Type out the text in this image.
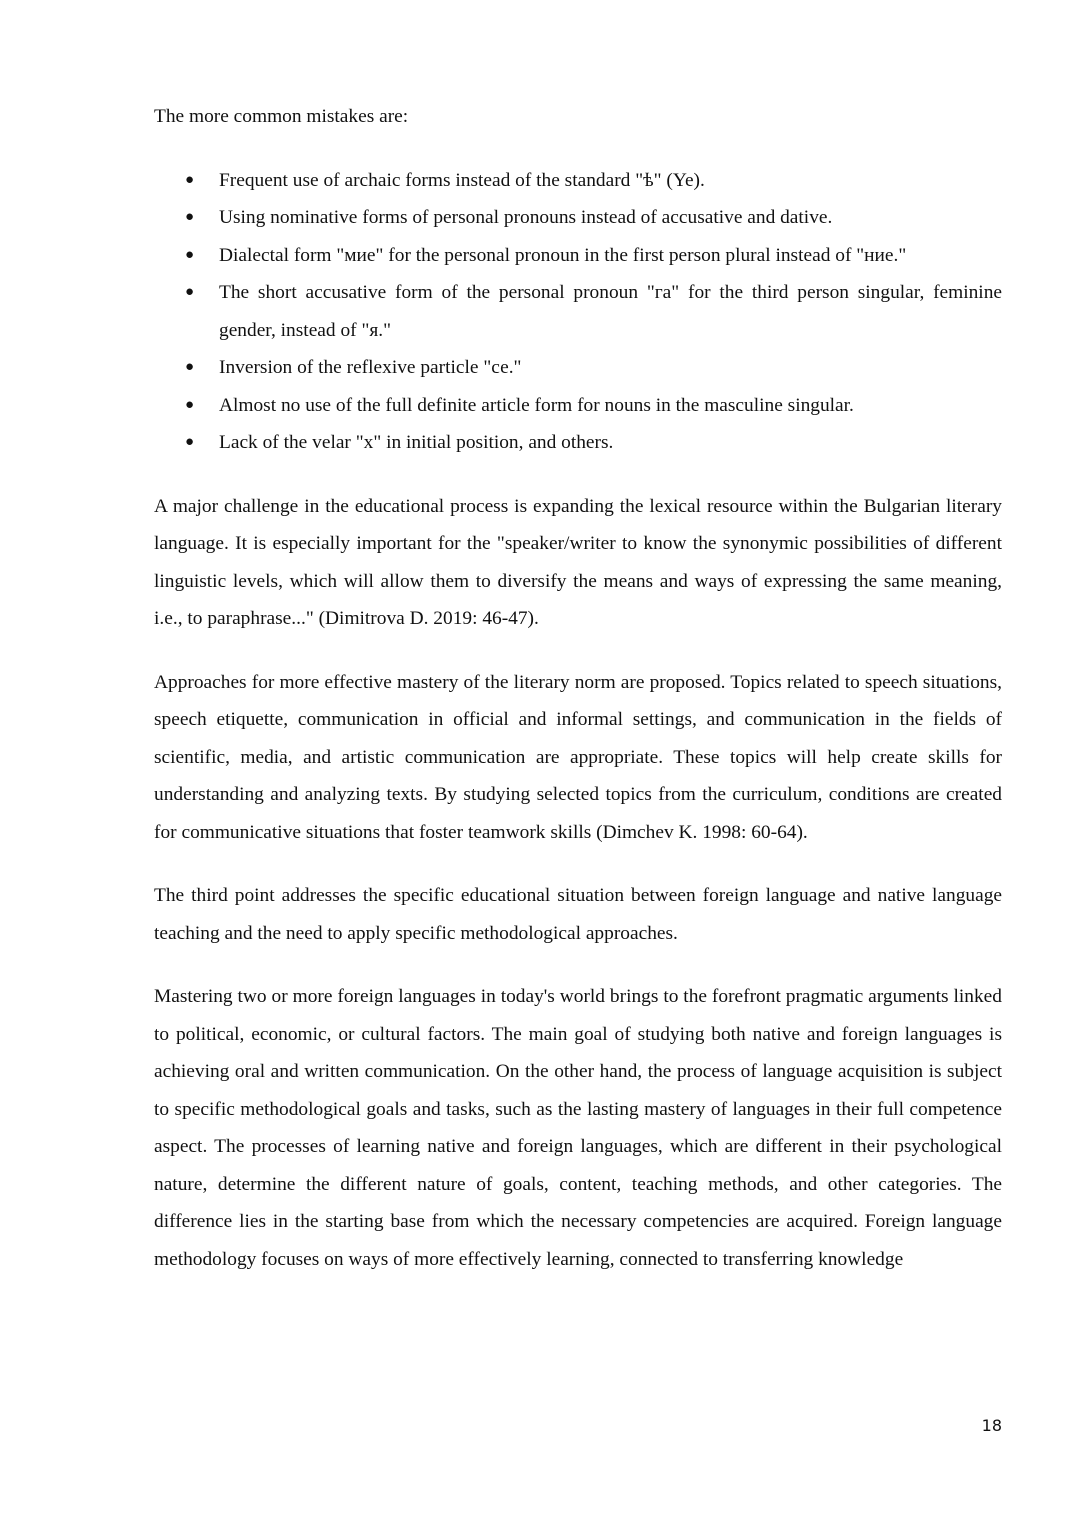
The more common mistakes are:

● Frequent use of archaic forms instead of the standard "ѣ" (Ye).
● Using nominative forms of personal pronouns instead of accusative and dative.
● Dialectal form "мие" for the personal pronoun in the first person plural instead of "ние."
● The short accusative form of the personal pronoun "га" for the third person singular, feminine gender, instead of "я."
● Inversion of the reflexive particle "се."
● Almost no use of the full definite article form for nouns in the masculine singular.
● Lack of the velar "х" in initial position, and others.

A major challenge in the educational process is expanding the lexical resource within the Bulgarian literary language. It is especially important for the "speaker/writer to know the synonymic possibilities of different linguistic levels, which will allow them to diversify the means and ways of expressing the same meaning, i.e., to paraphrase..." (Dimitrova D. 2019: 46-47).

Approaches for more effective mastery of the literary norm are proposed. Topics related to speech situations, speech etiquette, communication in official and informal settings, and communication in the fields of scientific, media, and artistic communication are appropriate. These topics will help create skills for understanding and analyzing texts. By studying selected topics from the curriculum, conditions are created for communicative situations that foster teamwork skills (Dimchev K. 1998: 60-64).

The third point addresses the specific educational situation between foreign language and native language teaching and the need to apply specific methodological approaches.

Mastering two or more foreign languages in today's world brings to the forefront pragmatic arguments linked to political, economic, or cultural factors. The main goal of studying both native and foreign languages is achieving oral and written communication. On the other hand, the process of language acquisition is subject to specific methodological goals and tasks, such as the lasting mastery of languages in their full competence aspect. The processes of learning native and foreign languages, which are different in their psychological nature, determine the different nature of goals, content, teaching methods, and other categories. The difference lies in the starting base from which the necessary competencies are acquired. Foreign language methodology focuses on ways of more effectively learning, connected to transferring knowledge

18
